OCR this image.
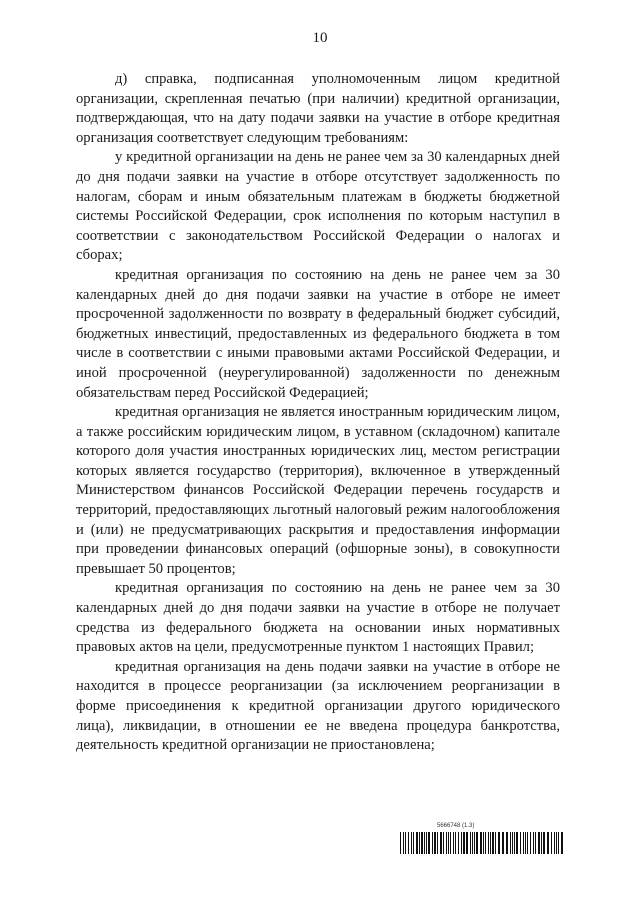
10

д) справка, подписанная уполномоченным лицом кредитной организации, скрепленная печатью (при наличии) кредитной организации, подтверждающая, что на дату подачи заявки на участие в отборе кредитная организация соответствует следующим требованиям:

у кредитной организации на день не ранее чем за 30 календарных дней до дня подачи заявки на участие в отборе отсутствует задолженность по налогам, сборам и иным обязательным платежам в бюджеты бюджетной системы Российской Федерации, срок исполнения по которым наступил в соответствии с законодательством Российской Федерации о налогах и сборах;

кредитная организация по состоянию на день не ранее чем за 30 календарных дней до дня подачи заявки на участие в отборе не имеет просроченной задолженности по возврату в федеральный бюджет субсидий, бюджетных инвестиций, предоставленных из федерального бюджета в том числе в соответствии с иными правовыми актами Российской Федерации, и иной просроченной (неурегулированной) задолженности по денежным обязательствам перед Российской Федерацией;

кредитная организация не является иностранным юридическим лицом, а также российским юридическим лицом, в уставном (складочном) капитале которого доля участия иностранных юридических лиц, местом регистрации которых является государство (территория), включенное в утвержденный Министерством финансов Российской Федерации перечень государств и территорий, предоставляющих льготный налоговый режим налогообложения и (или) не предусматривающих раскрытия и предоставления информации при проведении финансовых операций (офшорные зоны), в совокупности превышает 50 процентов;

кредитная организация по состоянию на день не ранее чем за 30 календарных дней до дня подачи заявки на участие в отборе не получает средства из федерального бюджета на основании иных нормативных правовых актов на цели, предусмотренные пунктом 1 настоящих Правил;

кредитная организация на день подачи заявки на участие в отборе не находится в процессе реорганизации (за исключением реорганизации в форме присоединения к кредитной организации другого юридического лица), ликвидации, в отношении ее не введена процедура банкротства, деятельность кредитной организации не приостановлена;

5666748 (1.3)
